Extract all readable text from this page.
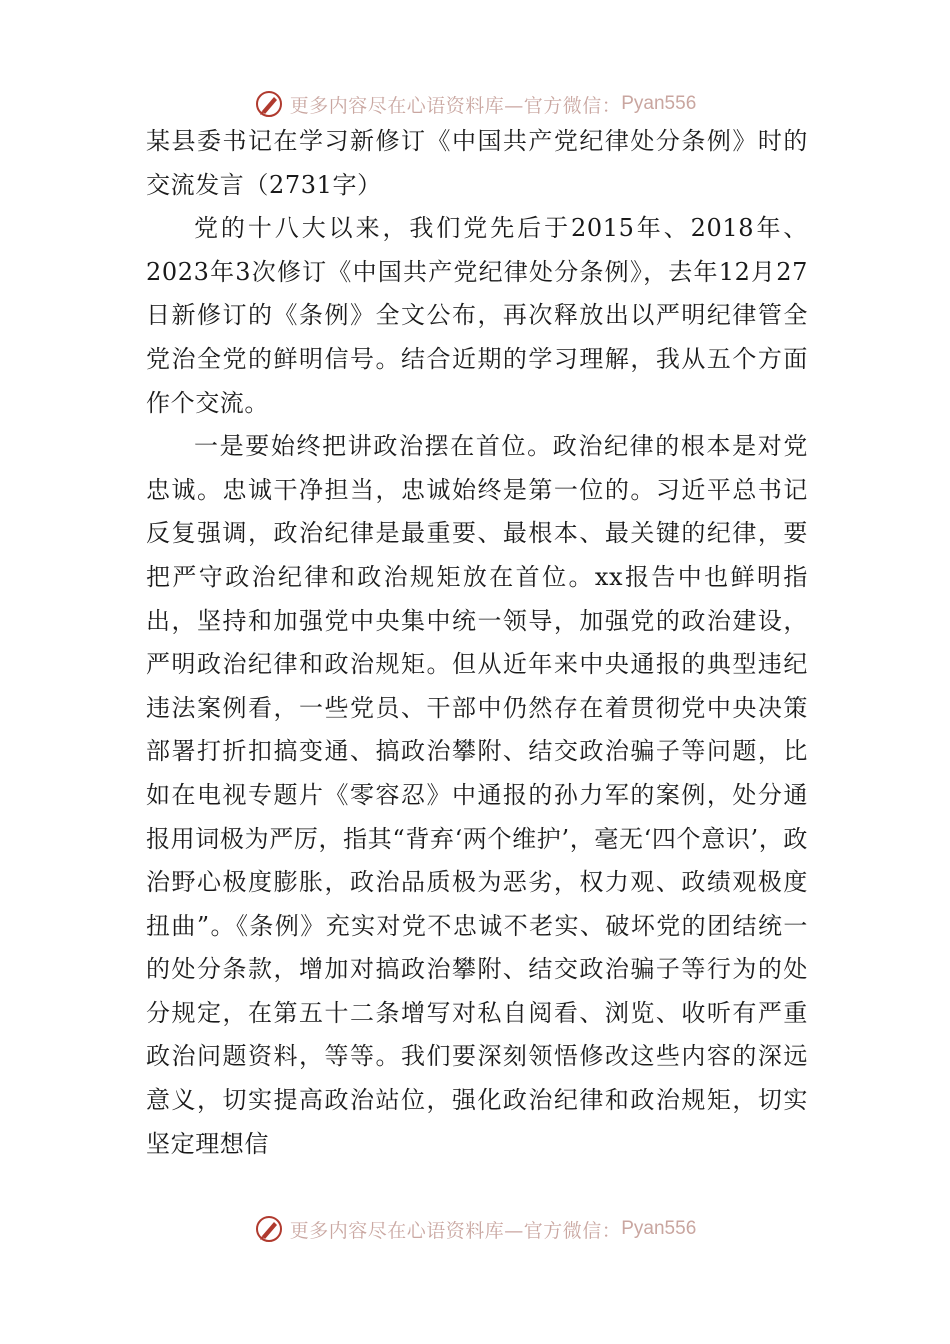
更多内容尽在心语资料库—官方微信： Pyan556

某县委书记在学习新修订《中国共产党纪律处分条例》时的交流发言（2731字）

党的十八大以来，我们党先后于2015年、2018年、2023年3次修订《中国共产党纪律处分条例》，去年12月27日新修订的《条例》全文公布，再次释放出以严明纪律管全党治全党的鲜明信号。结合近期的学习理解，我从五个方面作个交流。

一是要始终把讲政治摆在首位。政治纪律的根本是对党忠诚。忠诚干净担当，忠诚始终是第一位的。习近平总书记反复强调，政治纪律是最重要、最根本、最关键的纪律，要把严守政治纪律和政治规矩放在首位。xx报告中也鲜明指出，坚持和加强党中央集中统一领导，加强党的政治建设，严明政治纪律和政治规矩。但从近年来中央通报的典型违纪违法案例看，一些党员、干部中仍然存在着贯彻党中央决策部署打折扣搞变通、搞政治攀附、结交政治骗子等问题，比如在电视专题片《零容忍》中通报的孙力军的案例，处分通报用词极为严厉，指其“背弃‘两个维护’，毫无‘四个意识’，政治野心极度膨胀，政治品质极为恶劣，权力观、政绩观极度扭曲”。《条例》充实对党不忠诚不老实、破坏党的团结统一的处分条款，增加对搞政治攀附、结交政治骗子等行为的处分规定，在第五十二条增写对私自阅看、浏览、收听有严重政治问题资料，等等。我们要深刻领悟修改这些内容的深远意义，切实提高政治站位，强化政治纪律和政治规矩，切实坚定理想信

更多内容尽在心语资料库—官方微信： Pyan556
